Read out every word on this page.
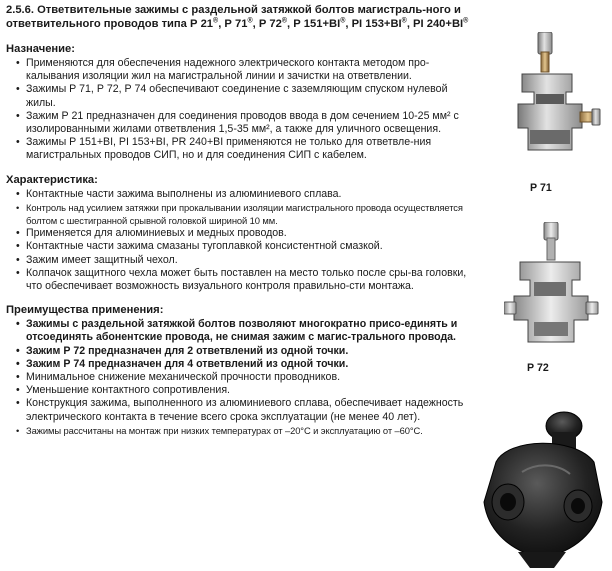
2.5.6. Ответвительные зажимы с раздельной затяжкой болтов магистраль-ного и ответвительного проводов типа Р 21®, Р 71®, Р 72®, Р 151+BI®, PI 153+BI®, PI 240+BI®
Назначение:
• Применяются для обеспечения надежного электрического контакта методом про-калывания изоляции жил на магистральной линии и зачистки на ответвлении.
• Зажимы Р 71, Р 72, Р 74 обеспечивают соединение с заземляющим спуском нулевой жилы.
• Зажим Р 21 предназначен для соединения проводов ввода в дом сечением 10-25 мм² с изолированными жилами ответвления 1,5-35 мм², а также для уличного освещения.
• Зажимы Р 151+BI, PI 153+BI, PR 240+BI применяются не только для ответвле-ния магистральных проводов СИП, но и для соединения СИП с кабелем.
Характеристика:
• Контактные части зажима выполнены из алюминиевого сплава.
• Контроль над усилием затяжки при прокалывании изоляции магистрального провода осуществляется болтом с шестигранной срывной головкой шириной 10 мм.
• Применяется для алюминиевых и медных проводов.
• Контактные части зажима смазаны тугоплавкой консистентной смазкой.
• Зажим имеет защитный чехол.
• Колпачок защитного чехла может быть поставлен на место только после сры-ва головки, что обеспечивает возможность визуального контроля правильно-сти монтажа.
Преимущества применения:
• Зажимы с раздельной затяжкой болтов позволяют многократно присо-единять и отсоединять абонентские провода, не снимая зажим с магис-трального провода.
• Зажим Р 72 предназначен для 2 ответвлений из одной точки.
• Зажим Р 74 предназначен для 4 ответвлений из одной точки.
• Минимальное снижение механической прочности проводников.
• Уменьшение контактного сопротивления.
• Конструкция зажима, выполненного из алюминиевого сплава, обеспечивает надежность электрического контакта в течение всего срока эксплуатации (не менее 40 лет).
• Зажимы рассчитаны на монтаж при низких температурах от –20°С и эксплуатацию от –60°С.
Р 71
Р 72
